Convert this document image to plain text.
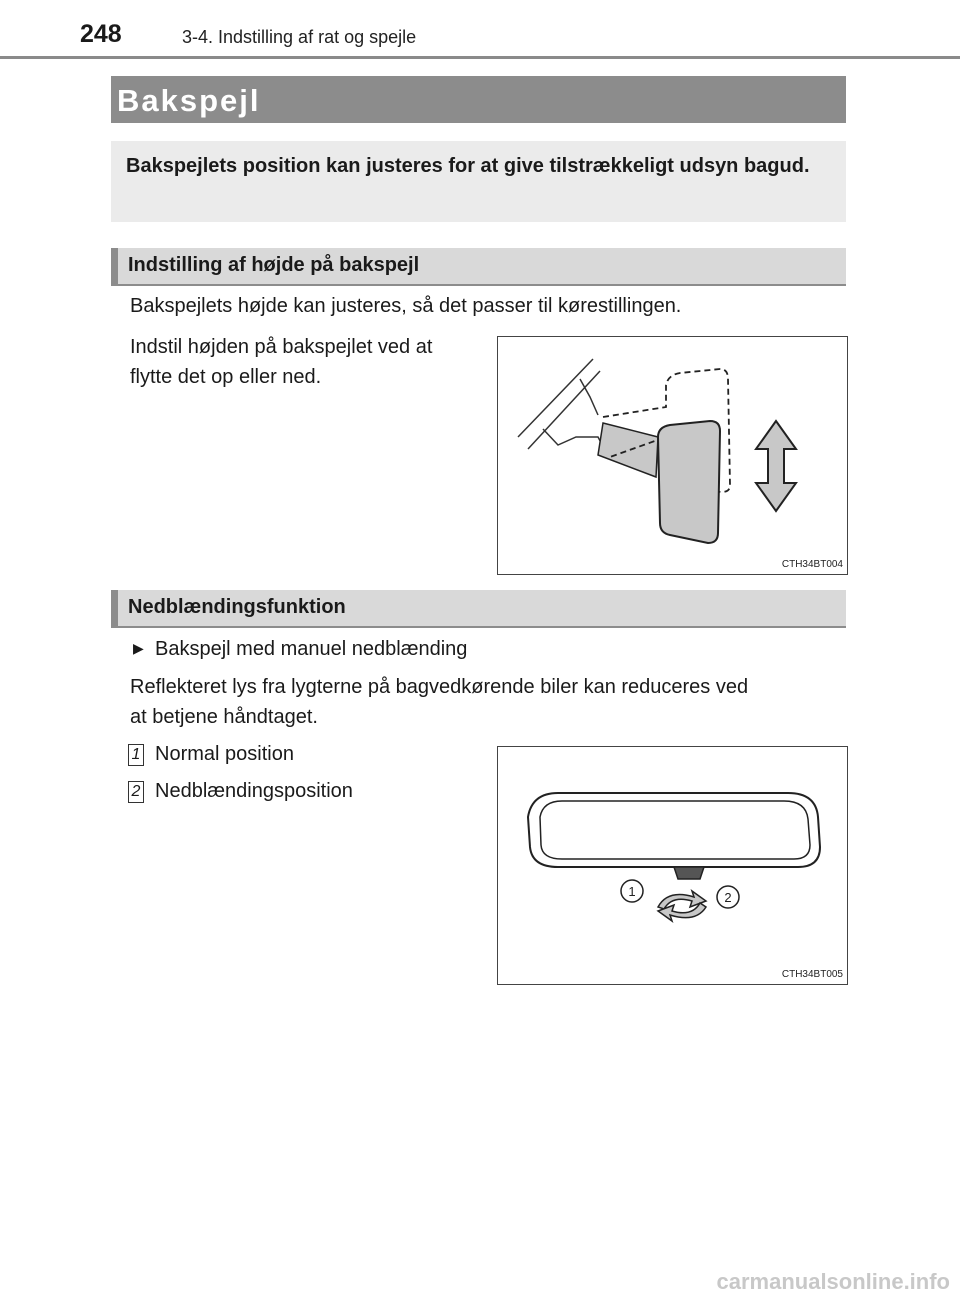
248	3-4. Indstilling af rat og spejle
Bakspejl
Bakspejlets position kan justeres for at give tilstrækkeligt udsyn bagud.
Indstilling af højde på bakspejl
Bakspejlets højde kan justeres, så det passer til kørestillingen.
Indstil højden på bakspejlet ved at
flytte det op eller ned.
CTH34BT004
Nedblændingsfunktion
▶ Bakspejl med manuel nedblænding
Reflekteret lys fra lygterne på bagvedkørende biler kan reduceres ved
at betjene håndtaget.
1 Normal position
2 Nedblændingsposition
1	2
CTH34BT005
carmanualsonline.info
